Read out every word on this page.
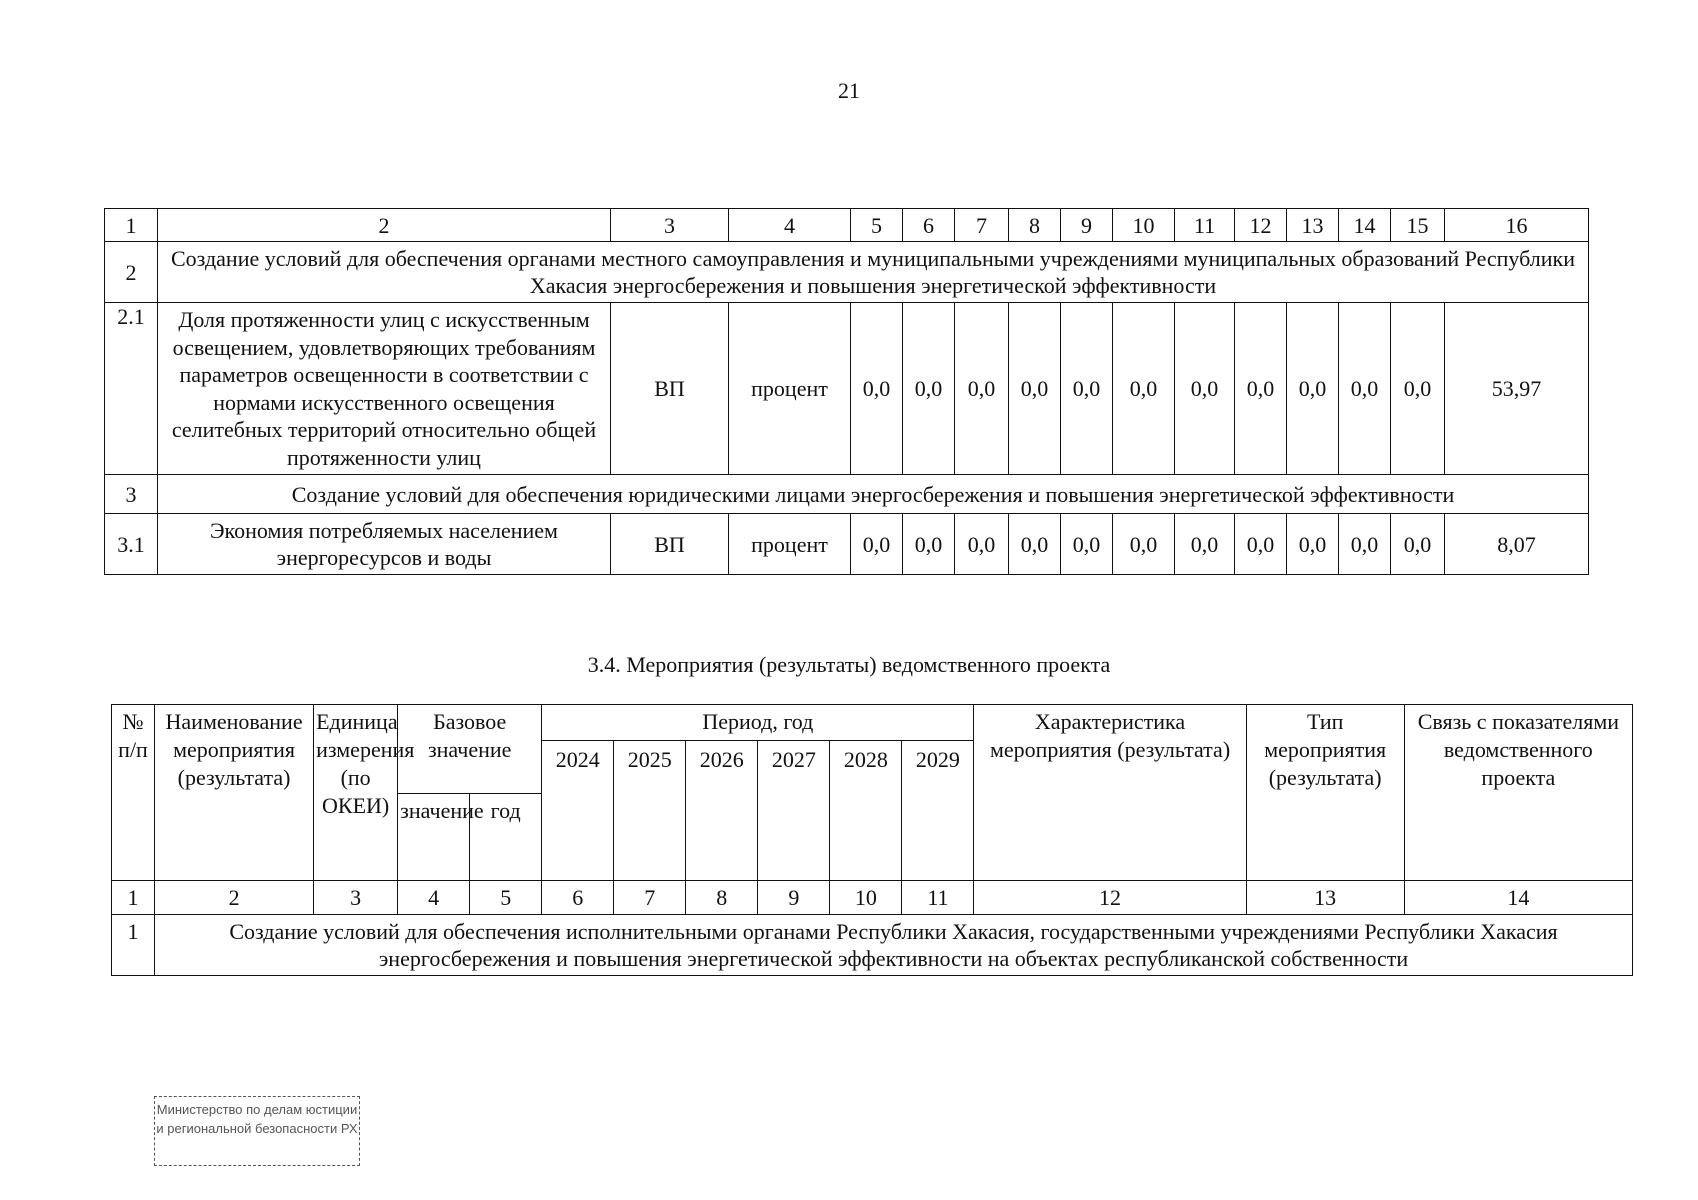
21
1	2	3	4	5	6	7	8	9	10	11	12	13	14	15	16
2	Создание условий для обеспечения органами местного самоуправления и муниципальными учреждениями муниципальных образований Республики Хакасия энергосбережения и повышения энергетической эффективности														
2.1	Доля протяженности улиц с искусственным освещением, удовлетворяющих требованиям параметров освещенности в соответствии с нормами искусственного освещения селитебных территорий относительно общей протяженности улиц	ВП	процент	0,0	0,0	0,0	0,0	0,0	0,0	0,0	0,0	0,0	0,0	0,0	53,97
3	Создание условий для обеспечения юридическими лицами энергосбережения и повышения энергетической эффективности														
3.1	Экономия потребляемых населением энергоресурсов и воды	ВП	процент	0,0	0,0	0,0	0,0	0,0	0,0	0,0	0,0	0,0	0,0	0,0	8,07
3.4. Мероприятия (результаты) ведомственного проекта
№ п/п	Наименование мероприятия (результата)	Единица измерения (по ОКЕИ)	Базовое значение		Период, год						Характеристика мероприятия (результата)	Тип мероприятия (результата)	Связь с показателями ведомственного проекта
					2024	2025	2026	2027	2028	2029			
			значение	год									
1	2	3	4	5	6	7	8	9	10	11	12	13	14
1	Создание условий для обеспечения исполнительными органами Республики Хакасия, государственными учреждениями Республики Хакасия энергосбережения и повышения энергетической эффективности на объектах республиканской собственности												
Министерство по делам юстиции и региональной безопасности РХ
